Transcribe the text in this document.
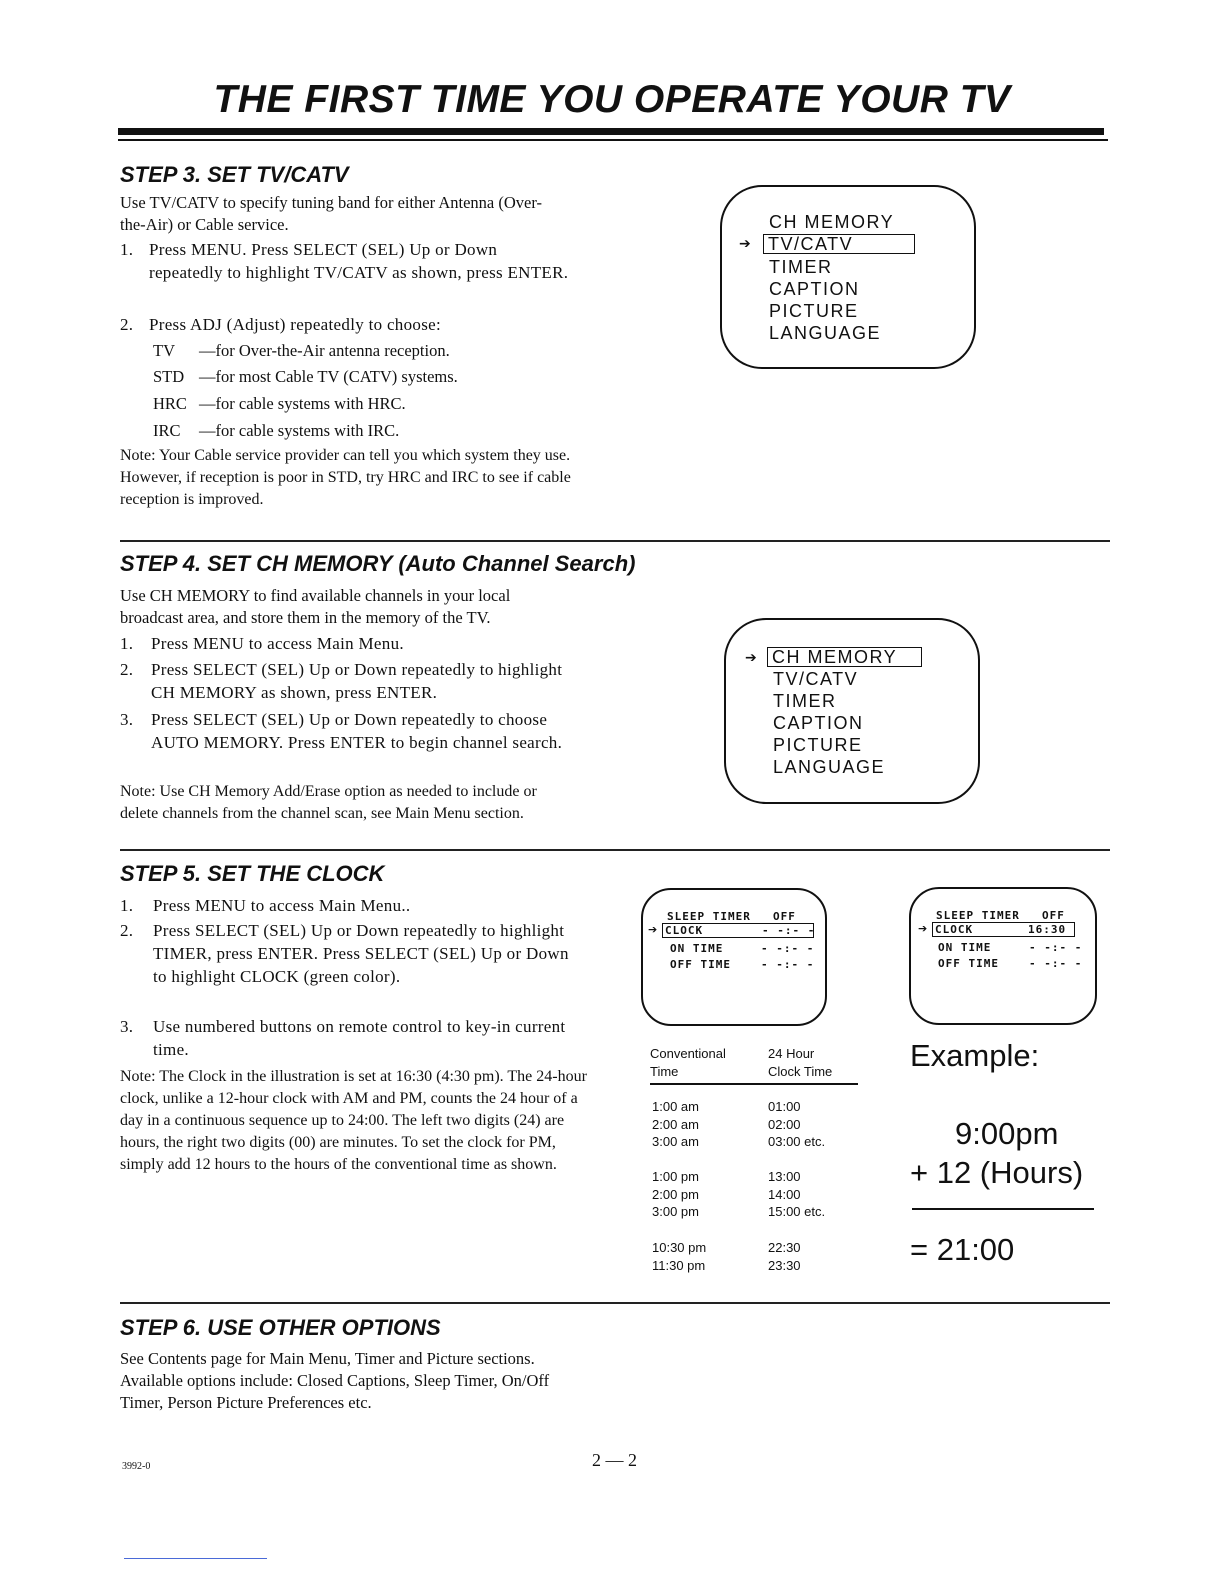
THE FIRST TIME YOU OPERATE YOUR TV
STEP 3. SET TV/CATV
Use TV/CATV to specify tuning band for either Antenna (Over-the-Air) or Cable service.
1. Press MENU. Press SELECT (SEL) Up or Down repeatedly to highlight TV/CATV as shown, press ENTER.
2. Press ADJ (Adjust) repeatedly to choose:
TV —for Over-the-Air antenna reception.
STD —for most Cable TV (CATV) systems.
HRC —for cable systems with HRC.
IRC —for cable systems with IRC.
Note: Your Cable service provider can tell you which system they use. However, if reception is poor in STD, try HRC and IRC to see if cable reception is improved.
CH MEMORY
➔ TV/CATV
TIMER
CAPTION
PICTURE
LANGUAGE
STEP 4. SET CH MEMORY (Auto Channel Search)
Use CH MEMORY to find available channels in your local broadcast area, and store them in the memory of the TV.
1. Press MENU to access Main Menu.
2. Press SELECT (SEL) Up or Down repeatedly to highlight CH MEMORY as shown, press ENTER.
3. Press SELECT (SEL) Up or Down repeatedly to choose AUTO MEMORY. Press ENTER to begin channel search.
Note: Use CH Memory Add/Erase option as needed to include or delete channels from the channel scan, see Main Menu section.
➔ CH MEMORY
TV/CATV
TIMER
CAPTION
PICTURE
LANGUAGE
STEP 5. SET THE CLOCK
1. Press MENU to access Main Menu..
2. Press SELECT (SEL) Up or Down repeatedly to highlight TIMER, press ENTER. Press SELECT (SEL) Up or Down to highlight CLOCK (green color).
3. Use numbered buttons on remote control to key-in current time.
Note: The Clock in the illustration is set at 16:30 (4:30 pm). The 24-hour clock, unlike a 12-hour clock with AM and PM, counts the 24 hour of a day in a continuous sequence up to 24:00. The left two digits (24) are hours, the right two digits (00) are minutes. To set the clock for PM, simply add 12 hours to the hours of the conventional time as shown.
SLEEP TIMER OFF
➔ CLOCK	- -:- -
ON TIME	- -:- -
OFF TIME	- -:- -
SLEEP TIMER OFF
➔ CLOCK	16:30
ON TIME	- -:- -
OFF TIME	- -:- -
Conventional Time
24 Hour Clock Time
1:00 am	01:00
2:00 am	02:00
3:00 am	03:00 etc.
1:00 pm	13:00
2:00 pm	14:00
3:00 pm	15:00 etc.
10:30 pm	22:30
11:30 pm	23:30
Example:
9:00pm
+ 12 (Hours)
= 21:00
STEP 6. USE OTHER OPTIONS
See Contents page for Main Menu, Timer and Picture sections. Available options include: Closed Captions, Sleep Timer, On/Off Timer, Person Picture Preferences etc.
3992-0	2 — 2
